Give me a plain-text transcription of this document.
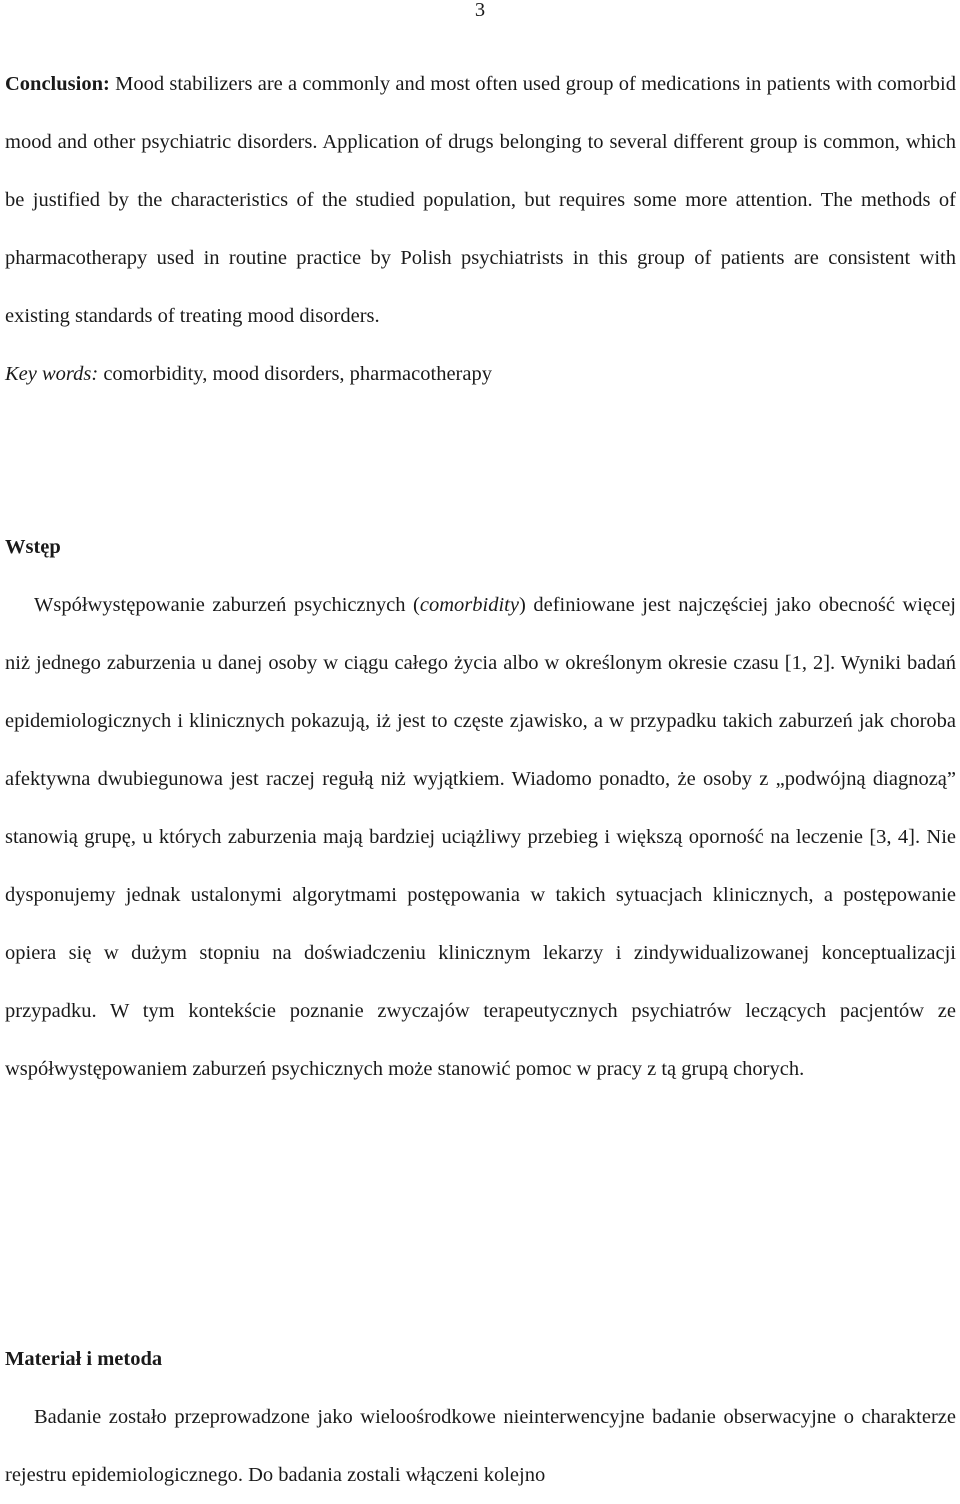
3

Conclusion: Mood stabilizers are a commonly and most often used group of medications in patients with comorbid mood and other psychiatric disorders. Application of drugs belonging to several different group is common, which be justified by the characteristics of the studied population, but requires some more attention. The methods of pharmacotherapy used in routine practice by Polish psychiatrists in this group of patients are consistent with existing standards of treating mood disorders.

Key words: comorbidity, mood disorders, pharmacotherapy

Wstęp

Współwystępowanie zaburzeń psychicznych (comorbidity) definiowane jest najczęściej jako obecność więcej niż jednego zaburzenia u danej osoby w ciągu całego życia albo w określonym okresie czasu [1, 2]. Wyniki badań epidemiologicznych i klinicznych pokazują, iż jest to częste zjawisko, a w przypadku takich zaburzeń jak choroba afektywna dwubiegunowa jest raczej regułą niż wyjątkiem. Wiadomo ponadto, że osoby z „podwójną diagnozą” stanowią grupę, u których zaburzenia mają bardziej uciążliwy przebieg i większą oporność na leczenie [3, 4]. Nie dysponujemy jednak ustalonymi algorytmami postępowania w takich sytuacjach klinicznych, a postępowanie opiera się w dużym stopniu na doświadczeniu klinicznym lekarzy i zindywidualizowanej konceptualizacji przypadku. W tym kontekście poznanie zwyczajów terapeutycznych psychiatrów leczących pacjentów ze współwystępowaniem zaburzeń psychicznych może stanowić pomoc w pracy z tą grupą chorych.

Materiał i metoda

Badanie zostało przeprowadzone jako wieloośrodkowe nieinterwencyjne badanie obserwacyjne o charakterze rejestru epidemiologicznego. Do badania zostali włączeni kolejno
